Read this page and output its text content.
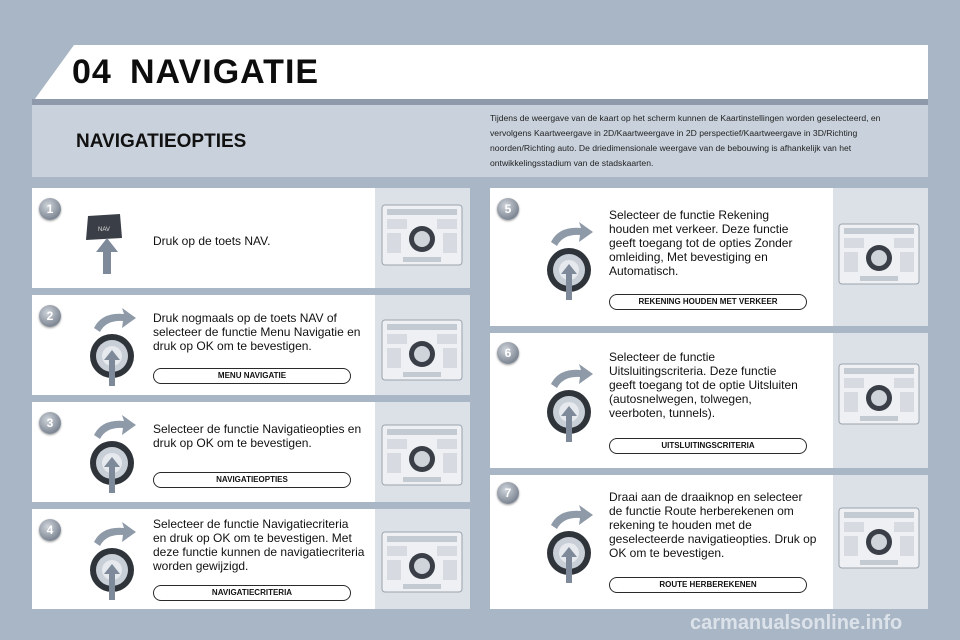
04 NAVIGATIE
NAVIGATIEOPTIES
Tijdens de weergave van de kaart op het scherm kunnen de Kaartinstellingen worden geselecteerd, en vervolgens Kaartweergave in 2D/Kaartweergave in 2D perspectief/Kaartweergave in 3D/Richting noorden/Richting auto. De driedimensionale weergave van de bebouwing is afhankelijk van het ontwikkelingsstadium van de stadskaarten.
1
NAV
Druk op de toets NAV.
2	Druk nogmaals op de toets NAV of selecteer de functie Menu Navigatie en druk op OK om te bevestigen.
MENU NAVIGATIE
3	Selecteer de functie Navigatieopties en druk op OK om te bevestigen.
NAVIGATIEOPTIES
4	Selecteer de functie Navigatiecriteria en druk op OK om te bevestigen. Met deze functie kunnen de navigatiecriteria worden gewijzigd.
NAVIGATIECRITERIA
5	Selecteer de functie Rekening houden met verkeer. Deze functie geeft toegang tot de opties Zonder omleiding, Met bevestiging en Automatisch.
REKENING HOUDEN MET VERKEER
6	Selecteer de functie Uitsluitingscriteria. Deze functie geeft toegang tot de optie Uitsluiten (autosnelwegen, tolwegen, veerboten, tunnels).
UITSLUITINGSCRITERIA
7	Draai aan de draaiknop en selecteer de functie Route herberekenen om rekening te houden met de geselecteerde navigatieopties. Druk op OK om te bevestigen.
ROUTE HERBEREKENEN
carmanualsonline.info
